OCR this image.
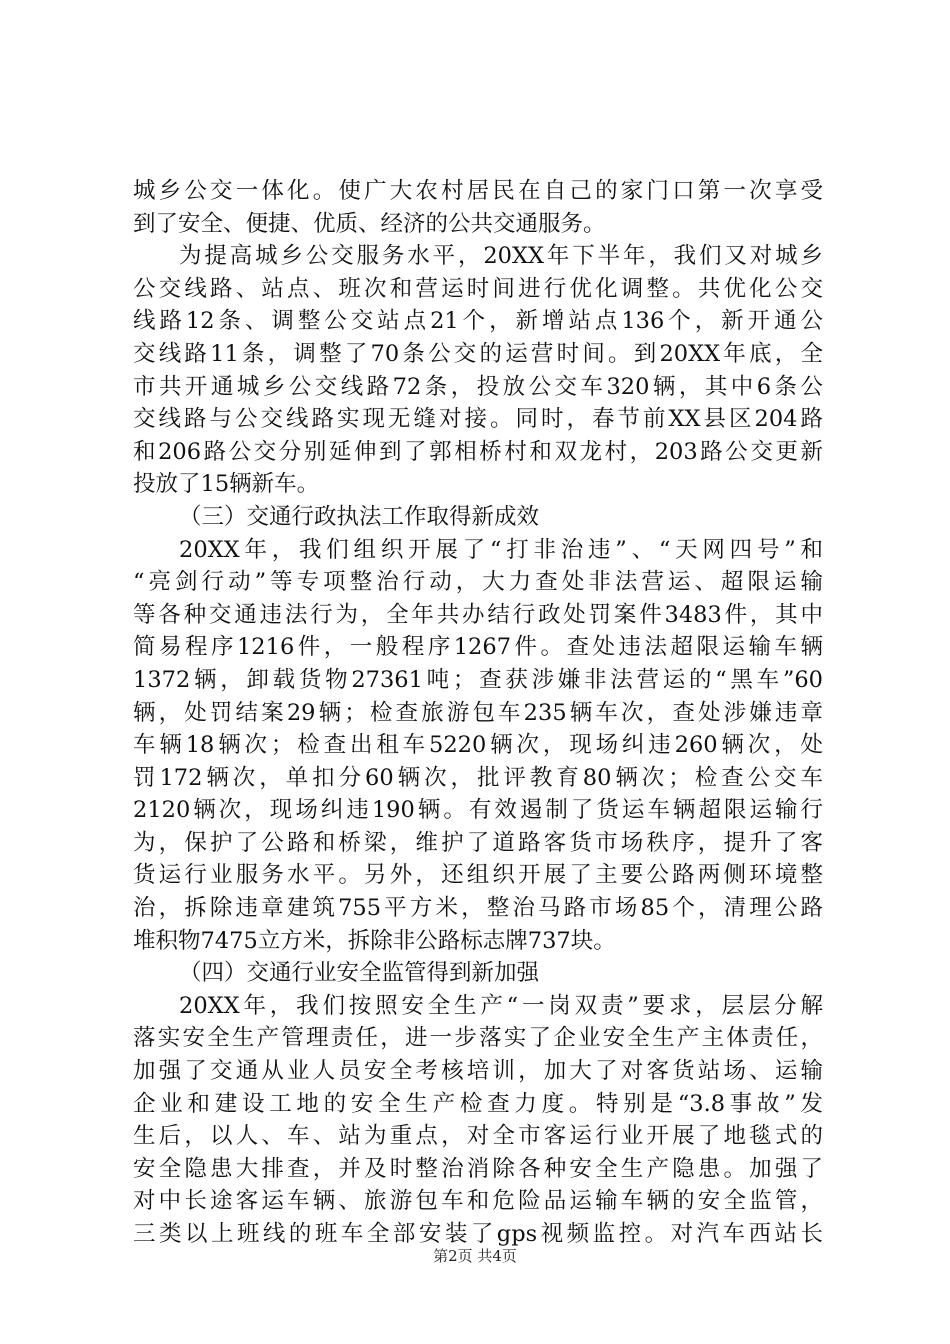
城乡公交一体化。使广大农村居民在自己的家门口第一次享受
到了安全、便捷、优质、经济的公共交通服务。
为提高城乡公交服务水平，20XX年下半年，我们又对城乡
公交线路、站点、班次和营运时间进行优化调整。共优化公交
线路12条、调整公交站点21个，新增站点136个，新开通公
交线路11条，调整了70条公交的运营时间。到20XX年底，全
市共开通城乡公交线路72条，投放公交车320辆，其中6条公
交线路与公交线路实现无缝对接。同时，春节前XX县区204路
和206路公交分别延伸到了郭相桥村和双龙村，203路公交更新
投放了15辆新车。
（三）交通行政执法工作取得新成效
20XX年，我们组织开展了“打非治违”、“天网四号”和
“亮剑行动”等专项整治行动，大力查处非法营运、超限运输
等各种交通违法行为，全年共办结行政处罚案件3483件，其中
简易程序1216件，一般程序1267件。查处违法超限运输车辆
1372辆，卸载货物27361吨；查获涉嫌非法营运的“黑车”60
辆，处罚结案29辆；检查旅游包车235辆车次，查处涉嫌违章
车辆18辆次；检查出租车5220辆次，现场纠违260辆次，处
罚172辆次，单扣分60辆次，批评教育80辆次；检查公交车
2120辆次，现场纠违190辆。有效遏制了货运车辆超限运输行
为，保护了公路和桥梁，维护了道路客货市场秩序，提升了客
货运行业服务水平。另外，还组织开展了主要公路两侧环境整
治，拆除违章建筑755平方米，整治马路市场85个，清理公路
堆积物7475立方米，拆除非公路标志牌737块。
（四）交通行业安全监管得到新加强
20XX年，我们按照安全生产“一岗双责”要求，层层分解
落实安全生产管理责任，进一步落实了企业安全生产主体责任，
加强了交通从业人员安全考核培训，加大了对客货站场、运输
企业和建设工地的安全生产检查力度。特别是“3.8事故”发
生后，以人、车、站为重点，对全市客运行业开展了地毯式的
安全隐患大排查，并及时整治消除各种安全生产隐患。加强了
对中长途客运车辆、旅游包车和危险品运输车辆的安全监管，
三类以上班线的班车全部安装了gps视频监控。对汽车西站长
第2页 共4页
